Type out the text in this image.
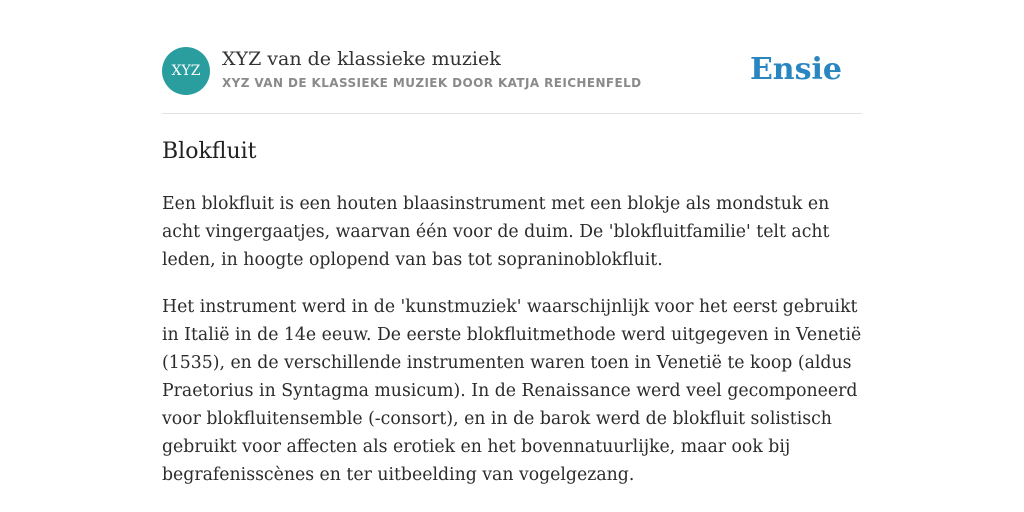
XYZ
XYZ van de klassieke muziek
XYZ VAN DE KLASSIEKE MUZIEK DOOR KATJA REICHENFELD	Ensie
Blokfluit

Een blokfluit is een houten blaasinstrument met een blokje als mondstuk en acht vingergaatjes, waarvan één voor de duim. De 'blokfluitfamilie' telt acht leden, in hoogte oplopend van bas tot sopraninoblokfluit.

Het instrument werd in de 'kunstmuziek' waarschijnlijk voor het eerst gebruikt in Italië in de 14e eeuw. De eerste blokfluitmethode werd uitgegeven in Venetië (1535), en de verschillende instrumenten waren toen in Venetië te koop (aldus Praetorius in Syntagma musicum). In de Renaissance werd veel gecomponeerd voor blokfluitensemble (-consort), en in de barok werd de blokfluit solistisch gebruikt voor affecten als erotiek en het bovennatuurlijke, maar ook bij begrafenisscènes en ter uitbeelding van vogelgezang.
